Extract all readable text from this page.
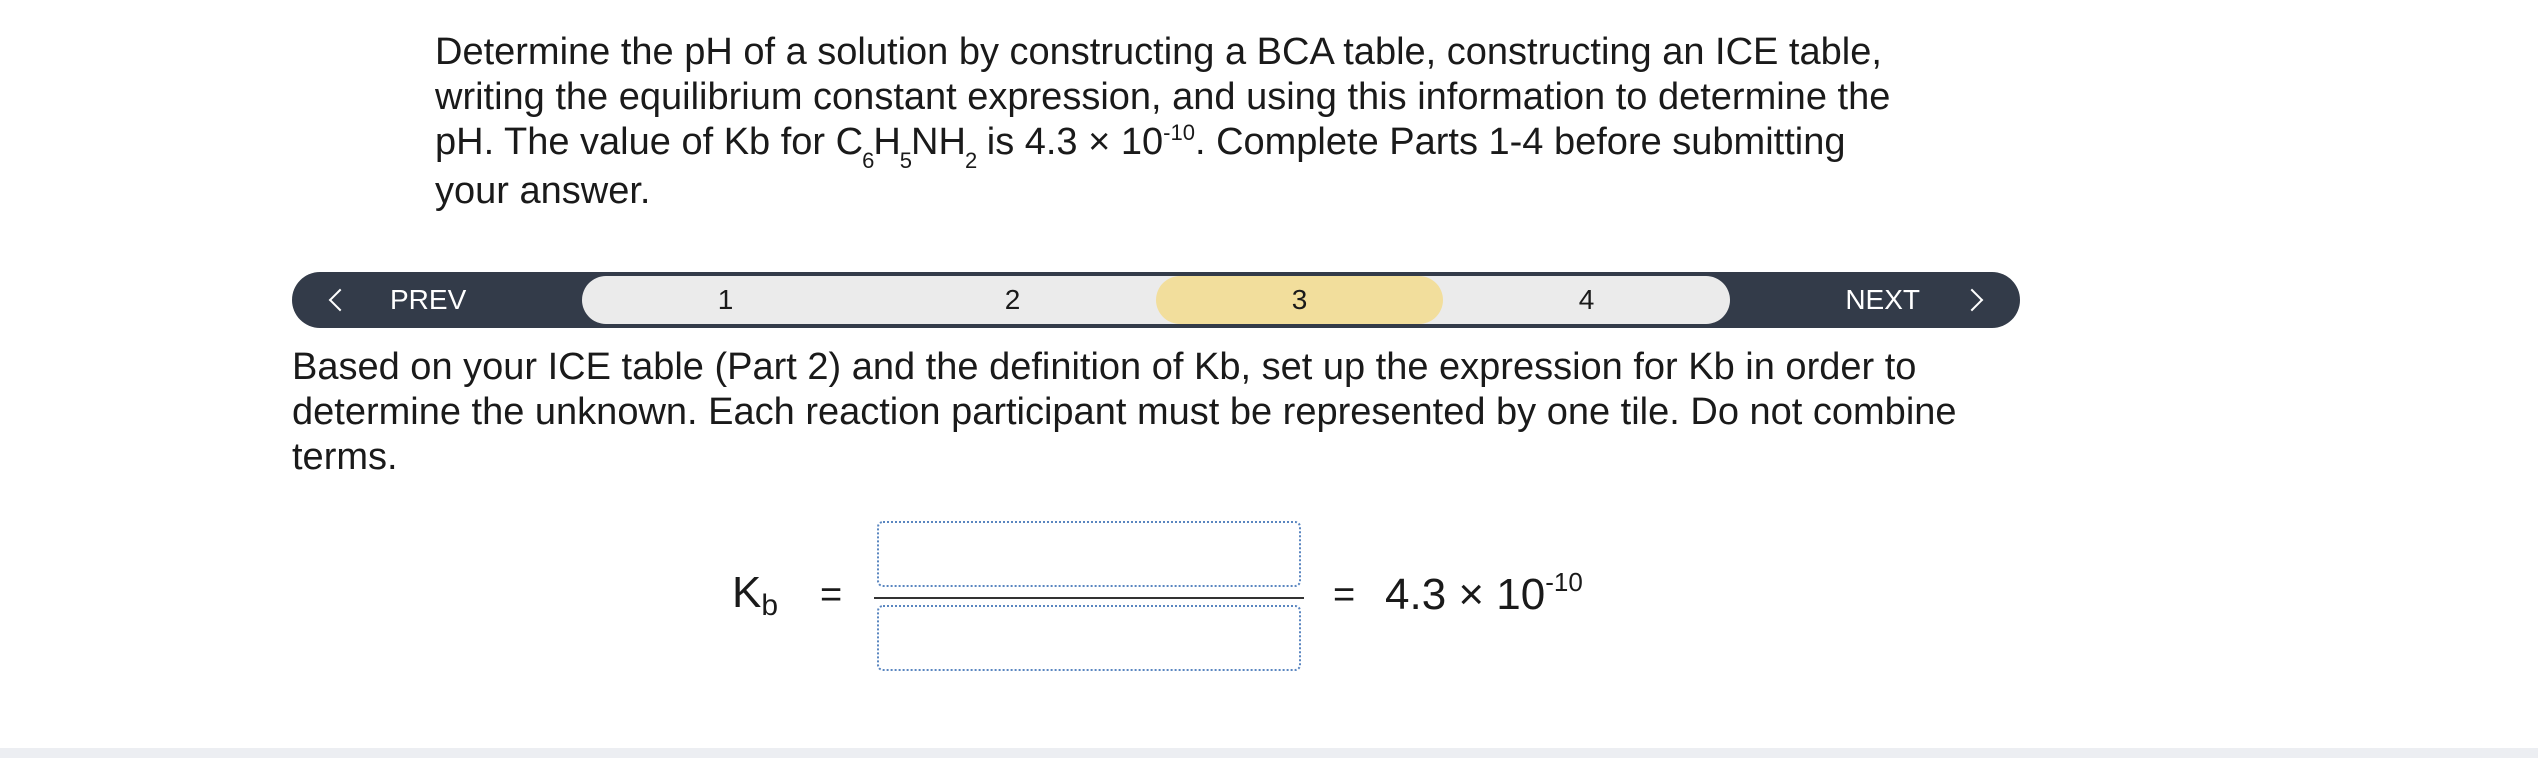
Determine the pH of a solution by constructing a BCA table, constructing an ICE table, writing the equilibrium constant expression, and using this information to determine the pH. The value of Kb for $C_6H_5NH_2$ is $4.3 \times 10^{-10}$. Complete Parts 1-4 before submitting your answer.
PREV	1	2	3	4	NEXT
Based on your ICE table (Part 2) and the definition of Kb, set up the expression for Kb in order to determine the unknown. Each reaction participant must be represented by one tile. Do not combine terms.
Kb =	= $4.3 \times 10^{-10}$
